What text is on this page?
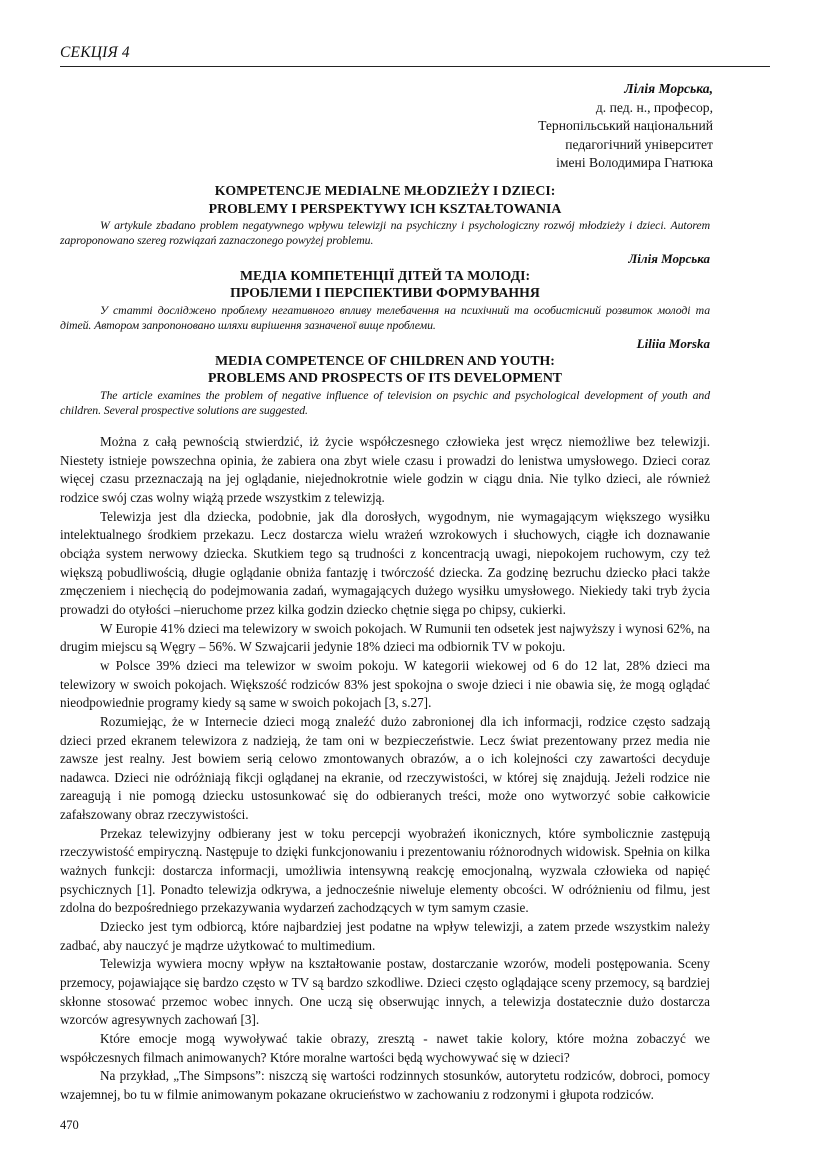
СЕКЦІЯ 4
Лілія Морська,
д. пед. н., професор,
Тернопільський національний
педагогічний університет
імені Володимира Гнатюка
KOMPETENCJE MEDIALNE MŁODZIEŻY I DZIECI:
PROBLEMY I PERSPEKTYWY ICH KSZTAŁTOWANIA

W artykule zbadano problem negatywnego wpływu telewizji na psychiczny i psychologiczny rozwój młodzieży i dzieci. Autorem zaproponowano szereg rozwiązań zaznaczonego powyżej problemu.

Лілія Морська
МЕДІА КОМПЕТЕНЦІЇ ДІТЕЙ ТА МОЛОДІ:
ПРОБЛЕМИ І ПЕРСПЕКТИВИ ФОРМУВАННЯ

У статті досліджено проблему негативного впливу телебачення на психічний та особистісний розвиток молоді та дітей. Автором запропоновано шляхи вирішення зазначеної вище проблеми.

Liliia Morska
MEDIA COMPETENCE OF CHILDREN AND YOUTH:
PROBLEMS AND PROSPECTS OF ITS DEVELOPMENT

The article examines the problem of negative influence of television on psychic and psychological development of youth and children. Several prospective solutions are suggested.

Można z całą pewnością stwierdzić, iż życie współczesnego człowieka jest wręcz niemożliwe bez telewizji. Niestety istnieje powszechna opinia, że zabiera ona zbyt wiele czasu i prowadzi do lenistwa umysłowego. Dzieci coraz więcej czasu przeznaczają na jej oglądanie, niejednokrotnie wiele godzin w ciągu dnia. Nie tylko dzieci, ale również rodzice swój czas wolny wiążą przede wszystkim z telewizją.

Telewizja jest dla dziecka, podobnie, jak dla dorosłych, wygodnym, nie wymagającym większego wysiłku intelektualnego środkiem przekazu. Lecz dostarcza wielu wrażeń wzrokowych i słuchowych, ciągłe ich doznawanie obciąża system nerwowy dziecka. Skutkiem tego są trudności z koncentracją uwagi, niepokojem ruchowym, czy też większą pobudliwością, długie oglądanie obniża fantazję i twórczość dziecka. Za godzinę bezruchu dziecko płaci także zmęczeniem i niechęcią do podejmowania zadań, wymagających dużego wysiłku umysłowego. Niekiedy taki tryb życia prowadzi do otyłości –nieruchome przez kilka godzin dziecko chętnie sięga po chipsy, cukierki.

W Europie 41% dzieci ma telewizory w swoich pokojach. W Rumunii ten odsetek jest najwyższy i wynosi 62%, na drugim miejscu są Węgry – 56%. W Szwajcarii jedynie 18% dzieci ma odbiornik TV w pokoju.

w Polsce 39% dzieci ma telewizor w swoim pokoju. W kategorii wiekowej od 6 do 12 lat, 28% dzieci ma telewizory w swoich pokojach. Większość rodziców 83% jest spokojna o swoje dzieci i nie obawia się, że mogą oglądać nieodpowiednie programy kiedy są same w swoich pokojach [3, s.27].

Rozumiejąc, że w Internecie dzieci mogą znaleźć dużo zabronionej dla ich informacji, rodzice często sadzają dzieci przed ekranem telewizora z nadzieją, że tam oni w bezpieczeństwie. Lecz świat prezentowany przez media nie zawsze jest realny. Jest bowiem serią celowo zmontowanych obrazów, a o ich kolejności czy zawartości decyduje nadawca. Dzieci nie odróżniają fikcji oglądanej na ekranie, od rzeczywistości, w której się znajdują. Jeżeli rodzice nie zareagują i nie pomogą dziecku ustosunkować się do odbieranych treści, może ono wytworzyć sobie całkowicie zafałszowany obraz rzeczywistości.

Przekaz telewizyjny odbierany jest w toku percepcji wyobrażeń ikonicznych, które symbolicznie zastępują rzeczywistość empiryczną. Następuje to dzięki funkcjonowaniu i prezentowaniu różnorodnych widowisk. Spełnia on kilka ważnych funkcji: dostarcza informacji, umożliwia intensywną reakcję emocjonalną, wyzwala człowieka od napięć psychicznych [1]. Ponadto telewizja odkrywa, a jednocześnie niweluje elementy obcości. W odróżnieniu od filmu, jest zdolna do bezpośredniego przekazywania wydarzeń zachodzących w tym samym czasie.

Dziecko jest tym odbiorcą, które najbardziej jest podatne na wpływ telewizji, a zatem przede wszystkim należy zadbać, aby nauczyć je mądrze użytkować to multimedium.

Telewizja wywiera mocny wpływ na kształtowanie postaw, dostarczanie wzorów, modeli postępowania. Sceny przemocy, pojawiające się bardzo często w TV są bardzo szkodliwe. Dzieci często oglądające sceny przemocy, są bardziej skłonne stosować przemoc wobec innych. One uczą się obserwując innych, a telewizja dostatecznie dużo dostarcza wzorców agresywnych zachowań [3].

Które emocje mogą wywoływać takie obrazy, zresztą - nawet takie kolory, które można zobaczyć we współczesnych filmach animowanych? Które moralne wartości będą wychowywać się w dzieci?

Na przykład, „The Simpsons”: niszczą się wartości rodzinnych stosunków, autorytetu rodziców, dobroci, pomocy wzajemnej, bo tu w filmie animowanym pokazane okrucieństwo w zachowaniu z rodzonymi i głupota rodziców.

470
